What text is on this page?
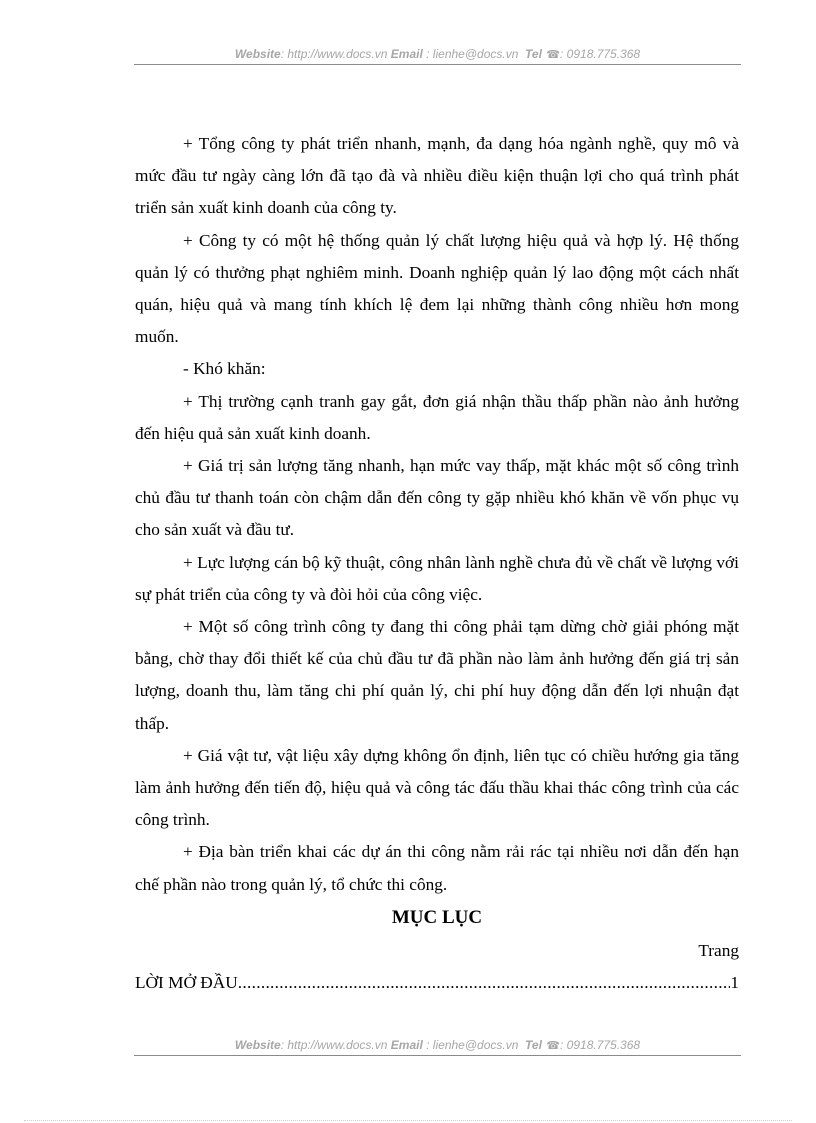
Website: http://www.docs.vn Email : lienhe@docs.vn Tel ☎: 0918.775.368

+ Tổng công ty phát triển nhanh, mạnh, đa dạng hóa ngành nghề, quy mô và mức đầu tư ngày càng lớn đã tạo đà và nhiều điều kiện thuận lợi cho quá trình phát triển sản xuất kinh doanh của công ty.

+ Công ty có một hệ thống quản lý chất lượng hiệu quả và hợp lý. Hệ thống quản lý có thưởng phạt nghiêm minh. Doanh nghiệp quản lý lao động một cách nhất quán, hiệu quả và mang tính khích lệ đem lại những thành công nhiều hơn mong muốn.

- Khó khăn:

+ Thị trường cạnh tranh gay gắt, đơn giá nhận thầu thấp phần nào ảnh hưởng đến hiệu quả sản xuất kinh doanh.

+ Giá trị sản lượng tăng nhanh, hạn mức vay thấp, mặt khác một số công trình chủ đầu tư thanh toán còn chậm dẫn đến công ty gặp nhiều khó khăn về vốn phục vụ cho sản xuất và đầu tư.

+ Lực lượng cán bộ kỹ thuật, công nhân lành nghề chưa đủ về chất về lượng với sự phát triển của công ty và đòi hỏi của công việc.

+ Một số công trình công ty đang thi công phải tạm dừng chờ giải phóng mặt bằng, chờ thay đổi thiết kế của chủ đầu tư đã phần nào làm ảnh hưởng đến giá trị sản lượng, doanh thu, làm tăng chi phí quản lý, chi phí huy động dẫn đến lợi nhuận đạt thấp.

+ Giá vật tư, vật liệu xây dựng không ổn định, liên tục có chiều hướng gia tăng làm ảnh hưởng đến tiến độ, hiệu quả và công tác đấu thầu khai thác công trình của các công trình.

+ Địa bàn triển khai các dự án thi công nằm rải rác tại nhiều nơi dẫn đến hạn chế phần nào trong quản lý, tổ chức thi công.

MỤC LỤC
Trang
LỜI MỞ ĐẦU
.....	1
Website: http://www.docs.vn Email : lienhe@docs.vn Tel ☎: 0918.775.368
